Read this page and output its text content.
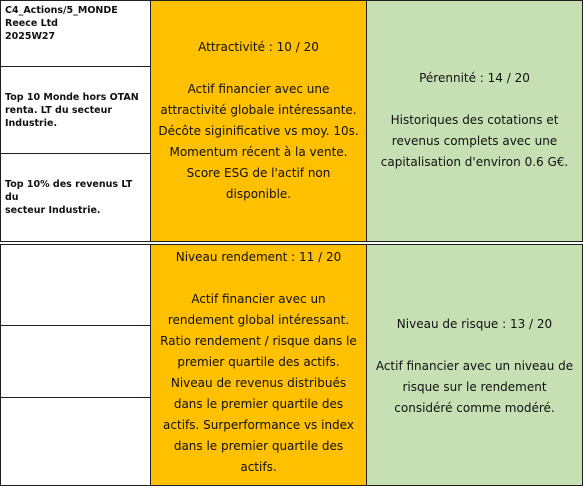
C4_Actions/5_MONDE
Reece Ltd
2025W27
Top 10 Monde hors OTAN
renta. LT du secteur
Industrie.
Top 10% des revenus LT du
secteur Industrie.

Attractivité : 10 / 20

Actif financier avec une

attractivité globale intéressante.

Décôte siginificative vs moy. 10s.

Momentum récent à la vente.

Score ESG de l'actif non

disponible.

Pérennité : 14 / 20

Historiques des cotations et

revenus complets avec une

capitalisation d'environ 0.6 G€.

Niveau rendement : 11 / 20

Actif financier avec un

rendement global intéressant.

Ratio rendement / risque dans le

premier quartile des actifs.

Niveau de revenus distribués

dans le premier quartile des

actifs. Surperformance vs index

dans le premier quartile des

actifs.

Niveau de risque : 13 / 20

Actif financier avec un niveau de

risque sur le rendement

considéré comme modéré.
